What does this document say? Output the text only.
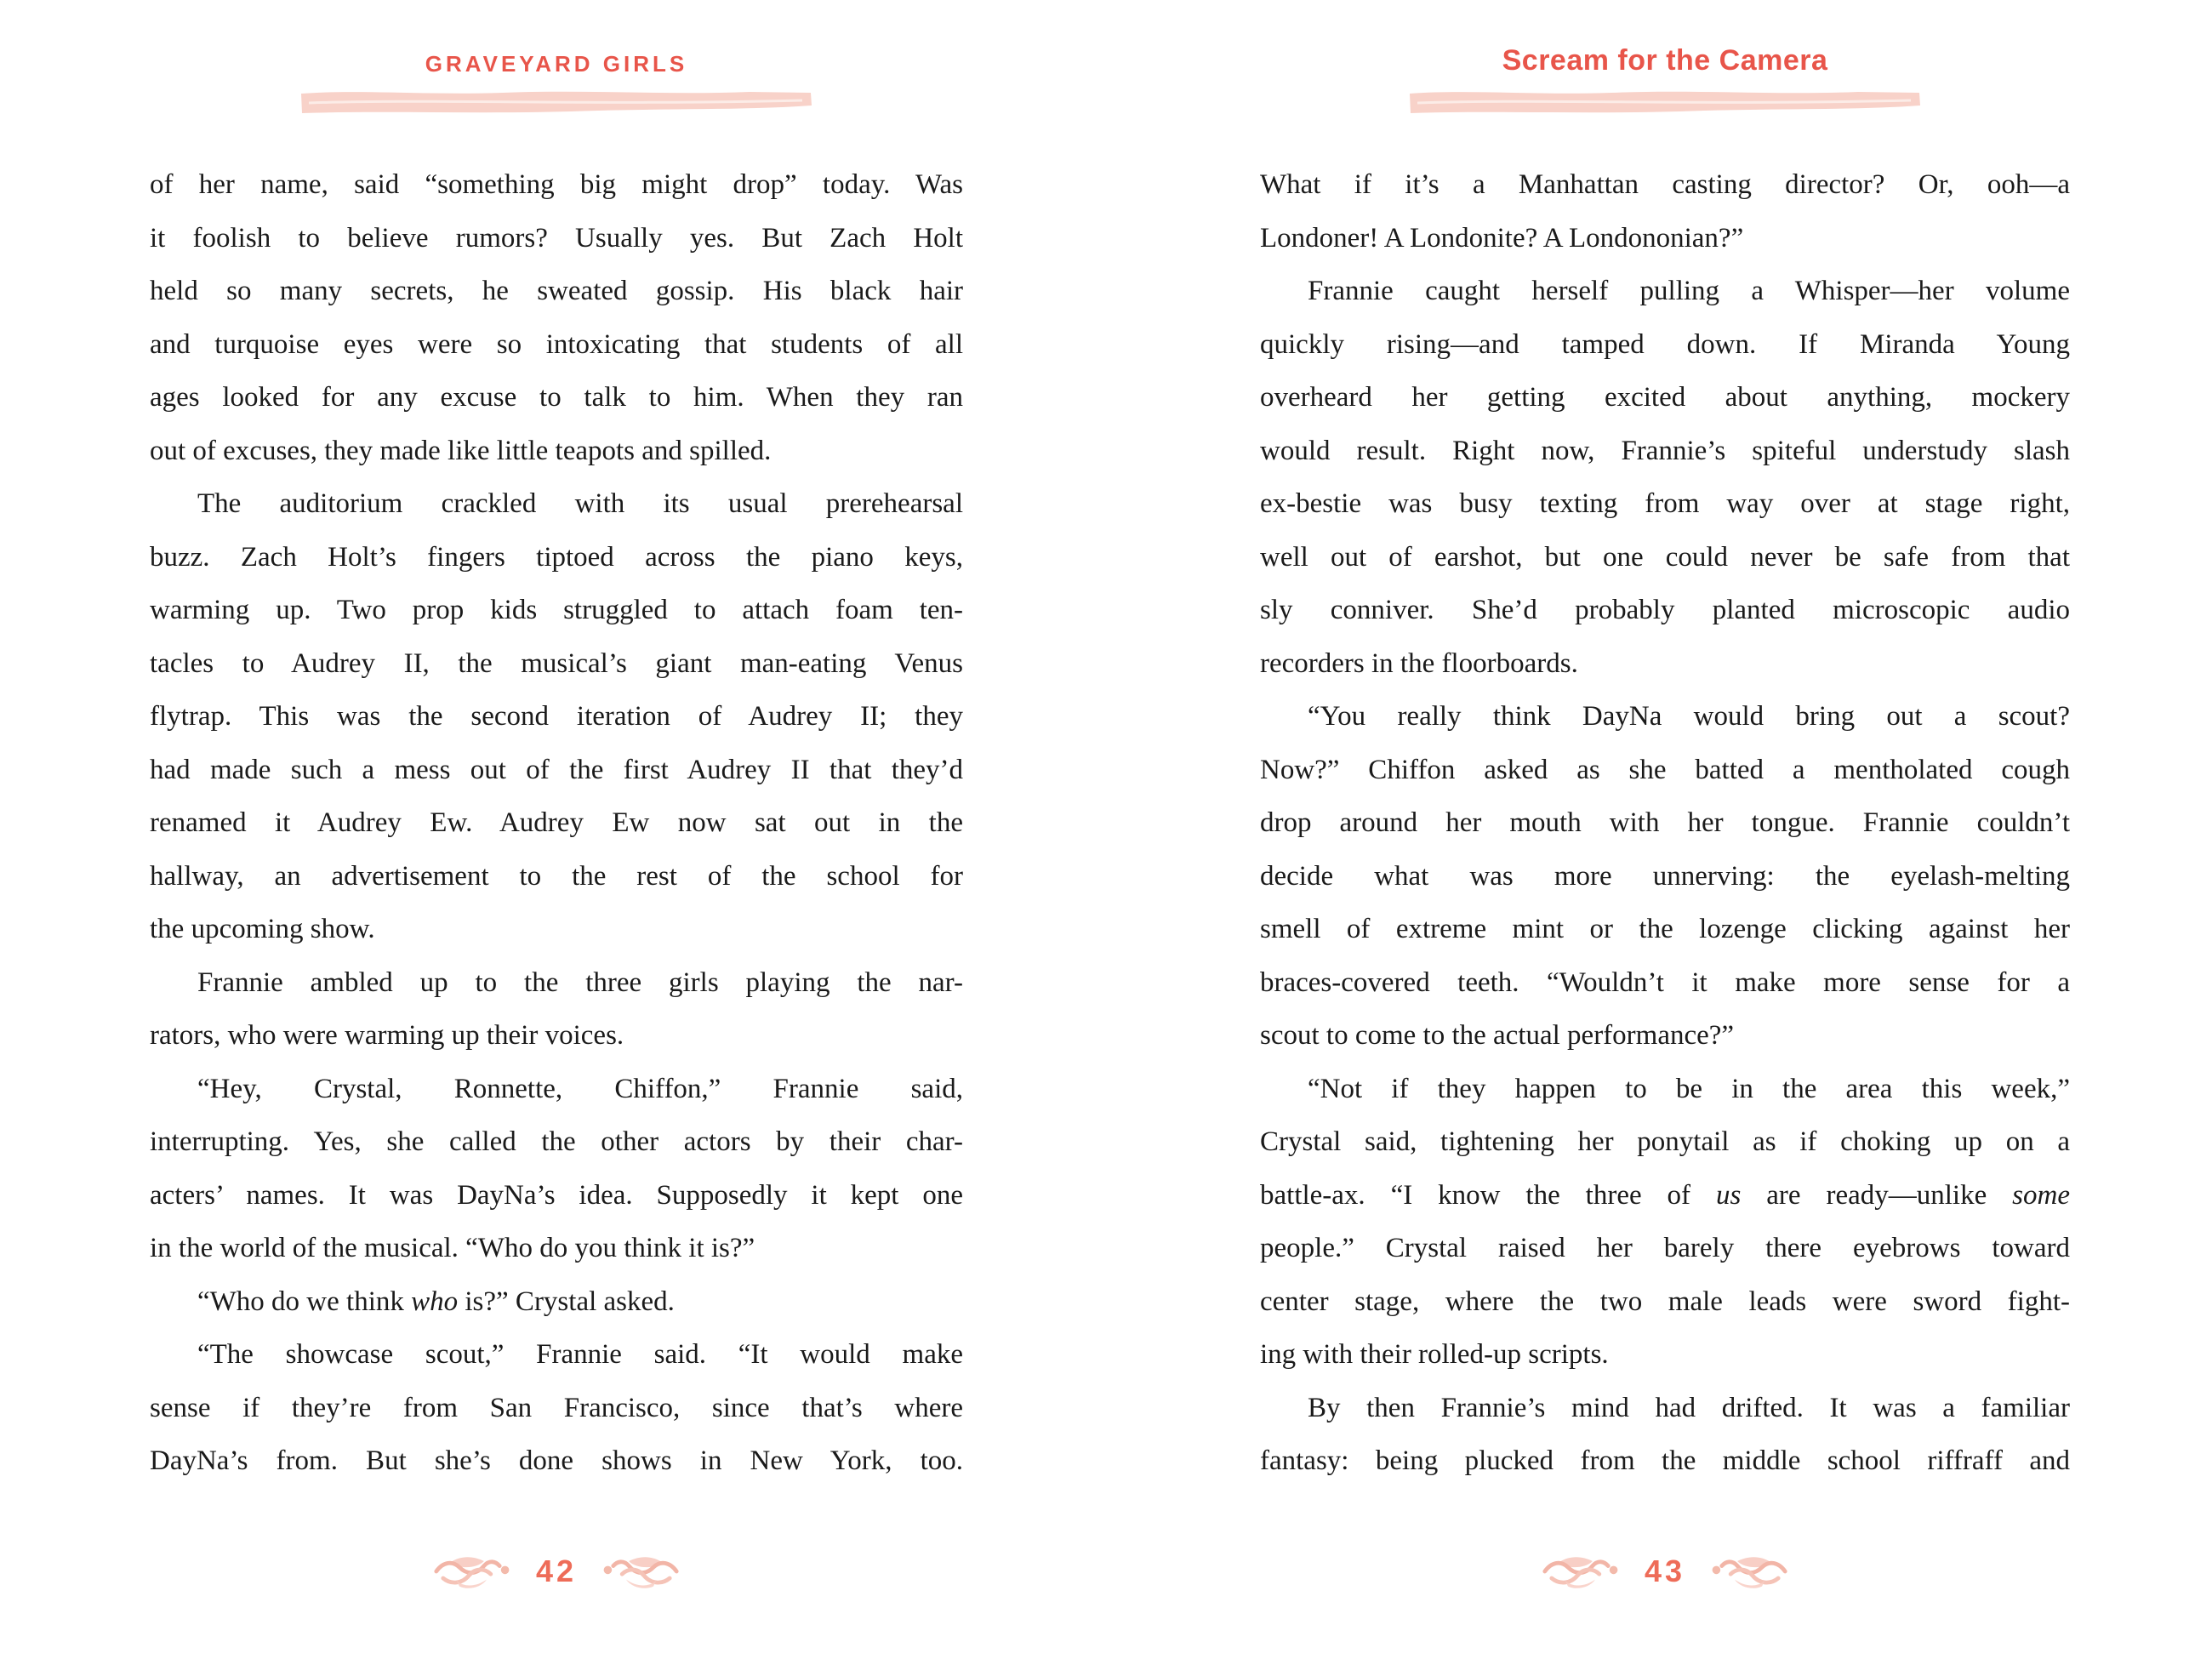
GRAVEYARD GIRLS
of her name, said “something big might drop” today. Was
it foolish to believe rumors? Usually yes. But Zach Holt
held so many secrets, he sweated gossip. His black hair
and turquoise eyes were so intoxicating that students of all
ages looked for any excuse to talk to him. When they ran
out of excuses, they made like little teapots and spilled.
The auditorium crackled with its usual prerehearsal
buzz. Zach Holt’s fingers tiptoed across the piano keys,
warming up. Two prop kids struggled to attach foam ten-
tacles to Audrey II, the musical’s giant man-eating Venus
flytrap. This was the second iteration of Audrey II; they
had made such a mess out of the first Audrey II that they’d
renamed it Audrey Ew. Audrey Ew now sat out in the
hallway, an advertisement to the rest of the school for
the upcoming show.
Frannie ambled up to the three girls playing the nar-
rators, who were warming up their voices.
“Hey, Crystal, Ronnette, Chiffon,” Frannie said,
interrupting. Yes, she called the other actors by their char-
acters’ names. It was DayNa’s idea. Supposedly it kept one
in the world of the musical. “Who do you think it is?”
“Who do we think who is?” Crystal asked.
“The showcase scout,” Frannie said. “It would make
sense if they’re from San Francisco, since that’s where
DayNa’s from. But she’s done shows in New York, too.
42
Scream for the Camera
What if it’s a Manhattan casting director? Or, ooh—a
Londoner! A Londonite? A Londononian?”
Frannie caught herself pulling a Whisper—her volume
quickly rising—and tamped down. If Miranda Young
overheard her getting excited about anything, mockery
would result. Right now, Frannie’s spiteful understudy slash
ex-bestie was busy texting from way over at stage right,
well out of earshot, but one could never be safe from that
sly conniver. She’d probably planted microscopic audio
recorders in the floorboards.
“You really think DayNa would bring out a scout?
Now?” Chiffon asked as she batted a mentholated cough
drop around her mouth with her tongue. Frannie couldn’t
decide what was more unnerving: the eyelash-melting
smell of extreme mint or the lozenge clicking against her
braces-covered teeth. “Wouldn’t it make more sense for a
scout to come to the actual performance?”
“Not if they happen to be in the area this week,”
Crystal said, tightening her ponytail as if choking up on a
battle-ax. “I know the three of us are ready—unlike some
people.” Crystal raised her barely there eyebrows toward
center stage, where the two male leads were sword fight-
ing with their rolled-up scripts.
By then Frannie’s mind had drifted. It was a familiar
fantasy: being plucked from the middle school riffraff and
43
